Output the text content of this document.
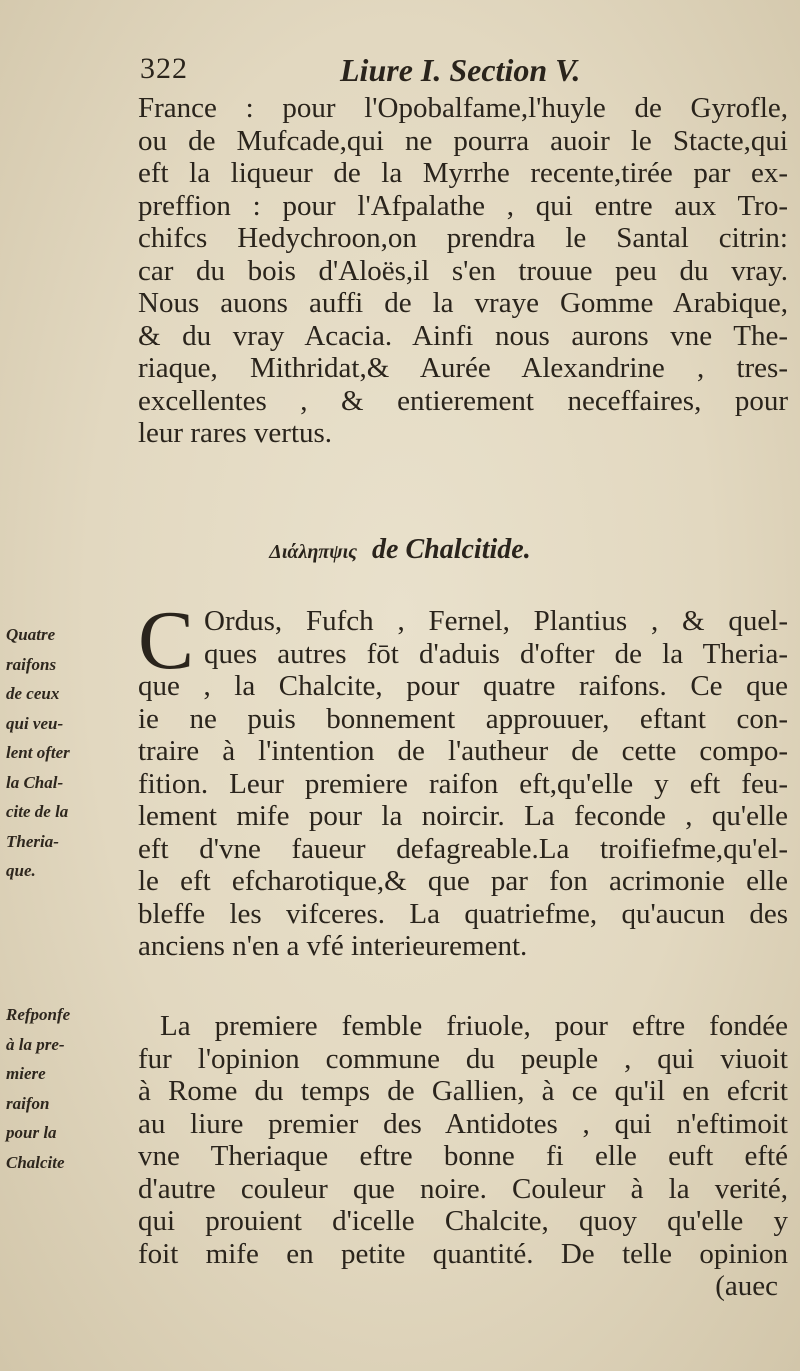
322	Liure I. Section V.
France : pour l'Opobalfame,l'huyle de Gyrofle,
ou de Mufcade,qui ne pourra auoir le Stacte,qui
eft la liqueur de la Myrrhe recente,tirée par ex-
preffion : pour l'Afpalathe , qui entre aux Tro-
chifcs Hedychroon,on prendra le Santal citrin:
car du bois d'Aloës,il s'en trouue peu du vray.
Nous auons auffi de la vraye Gomme Arabique,
& du vray Acacia. Ainfi nous aurons vne The-
riaque, Mithridat,& Aurée Alexandrine , tres-
excellentes , & entierement neceffaires, pour
leur rares vertus.
Διάληπψις de Chalcitide.
Quatre
raifons
de ceux
qui veu-
lent ofter
la Chal-
cite de la
Theria-
que.
C Ordus, Fufch , Fernel, Plantius , & quel-
ques autres fōt d'aduis d'ofter de la Theria-
que , la Chalcite, pour quatre raifons. Ce que
ie ne puis bonnement approuuer, eftant con-
traire à l'intention de l'autheur de cette compo-
fition. Leur premiere raifon eft,qu'elle y eft feu-
lement mife pour la noircir. La feconde , qu'elle
eft d'vne faueur defagreable.La troifiefme,qu'el-
le eft efcharotique,& que par fon acrimonie elle
bleffe les vifceres. La quatriefme, qu'aucun des
anciens n'en a vfé interieurement.
Refponfe
à la pre-
miere
raifon
pour la
Chalcite
La premiere femble friuole, pour eftre fondée
fur l'opinion commune du peuple , qui viuoit
à Rome du temps de Gallien, à ce qu'il en efcrit
au liure premier des Antidotes , qui n'eftimoit
vne Theriaque eftre bonne fi elle euft efté
d'autre couleur que noire. Couleur à la verité,
qui prouient d'icelle Chalcite, quoy qu'elle y
foit mife en petite quantité. De telle opinion
(auec
